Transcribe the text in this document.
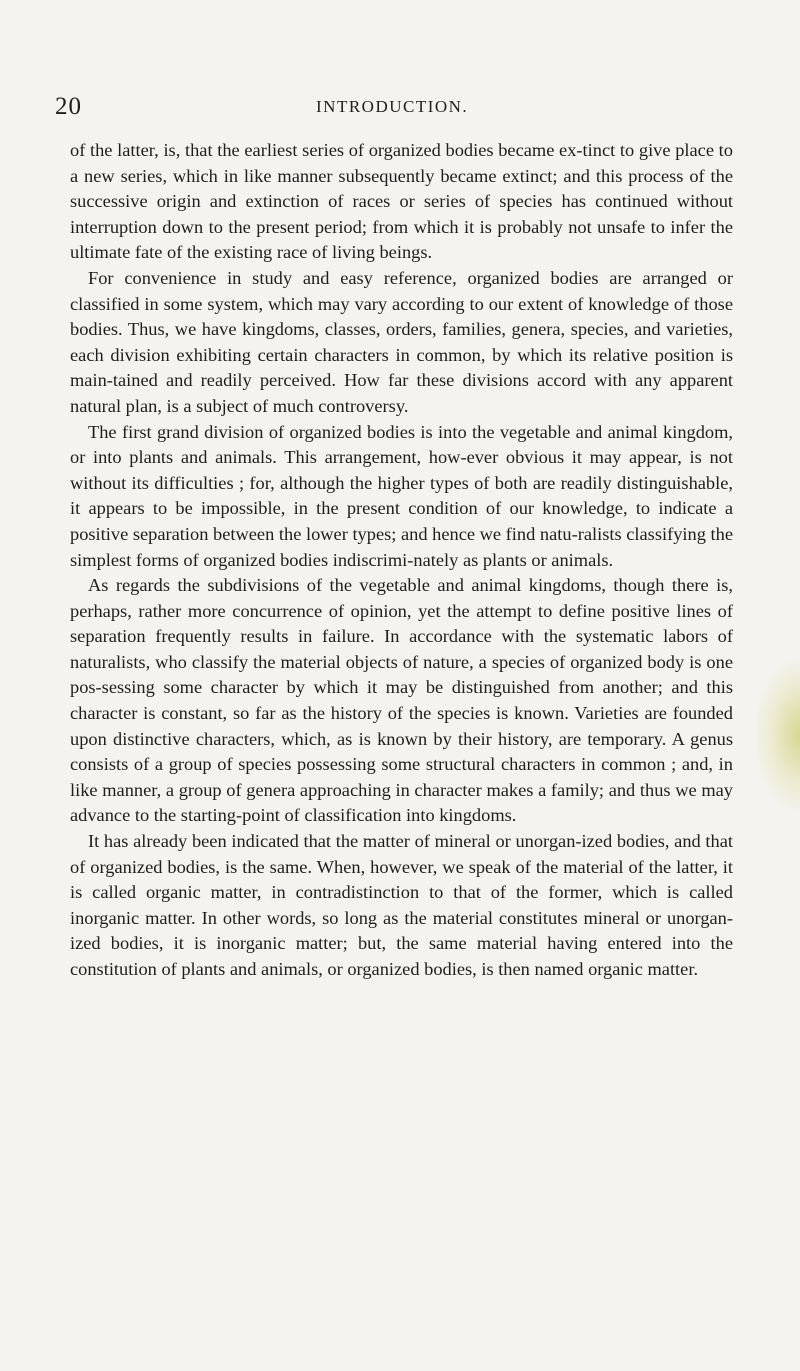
20	INTRODUCTION.

of the latter, is, that the earliest series of organized bodies became ex-tinct to give place to a new series, which in like manner subsequently became extinct; and this process of the successive origin and extinction of races or series of species has continued without interruption down to the present period; from which it is probably not unsafe to infer the ultimate fate of the existing race of living beings.

For convenience in study and easy reference, organized bodies are arranged or classified in some system, which may vary according to our extent of knowledge of those bodies. Thus, we have kingdoms, classes, orders, families, genera, species, and varieties, each division exhibiting certain characters in common, by which its relative position is main-tained and readily perceived. How far these divisions accord with any apparent natural plan, is a subject of much controversy.

The first grand division of organized bodies is into the vegetable and animal kingdom, or into plants and animals. This arrangement, how-ever obvious it may appear, is not without its difficulties ; for, although the higher types of both are readily distinguishable, it appears to be impossible, in the present condition of our knowledge, to indicate a positive separation between the lower types; and hence we find natu-ralists classifying the simplest forms of organized bodies indiscrimi-nately as plants or animals.

As regards the subdivisions of the vegetable and animal kingdoms, though there is, perhaps, rather more concurrence of opinion, yet the attempt to define positive lines of separation frequently results in failure. In accordance with the systematic labors of naturalists, who classify the material objects of nature, a species of organized body is one pos-sessing some character by which it may be distinguished from another; and this character is constant, so far as the history of the species is known. Varieties are founded upon distinctive characters, which, as is known by their history, are temporary. A genus consists of a group of species possessing some structural characters in common ; and, in like manner, a group of genera approaching in character makes a family; and thus we may advance to the starting-point of classification into kingdoms.

It has already been indicated that the matter of mineral or unorgan-ized bodies, and that of organized bodies, is the same. When, however, we speak of the material of the latter, it is called organic matter, in contradistinction to that of the former, which is called inorganic matter. In other words, so long as the material constitutes mineral or unorgan-ized bodies, it is inorganic matter; but, the same material having entered into the constitution of plants and animals, or organized bodies, is then named organic matter.
